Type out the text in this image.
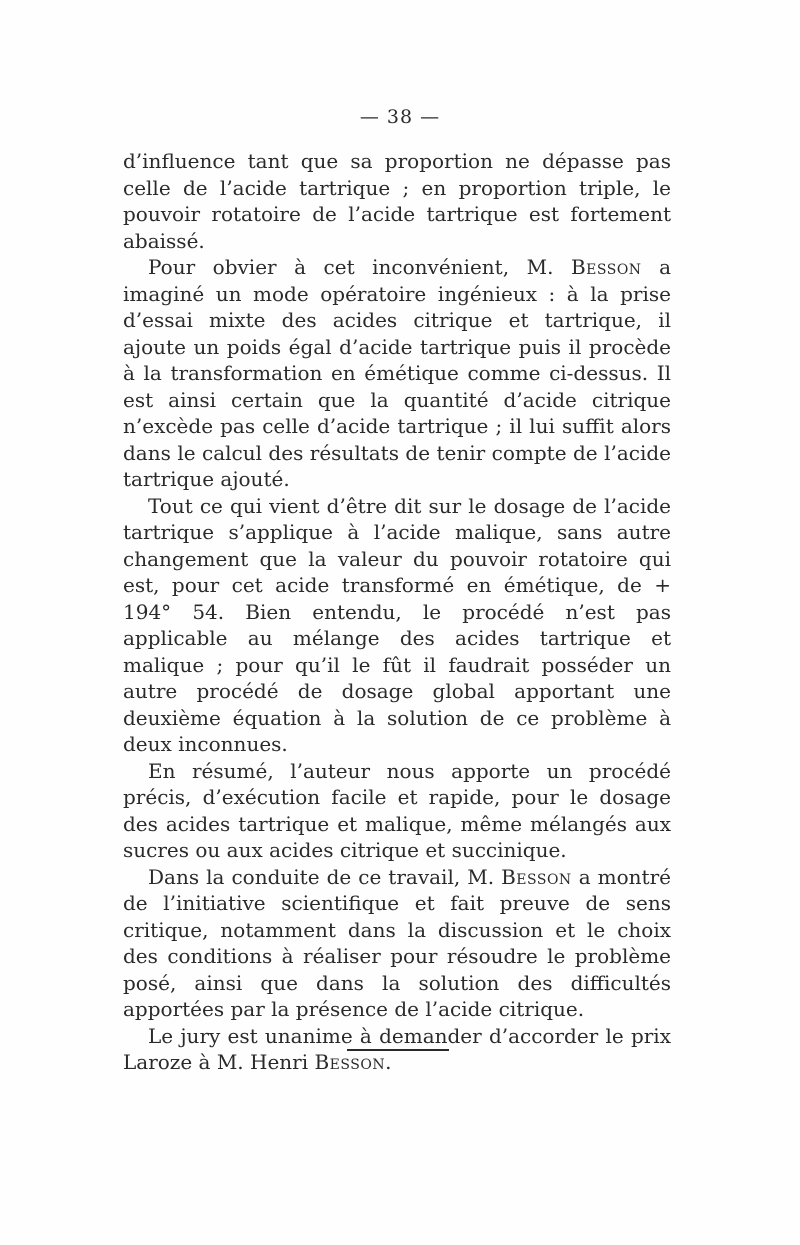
— 38 —

d’influence tant que sa proportion ne dépasse pas celle de l’acide tartrique ; en proportion triple, le pouvoir rotatoire de l’acide tartrique est fortement abaissé.

Pour obvier à cet inconvénient, M. Besson a imaginé un mode opératoire ingénieux : à la prise d’essai mixte des acides citrique et tartrique, il ajoute un poids égal d’acide tartrique puis il procède à la transformation en émétique comme ci-dessus. Il est ainsi certain que la quantité d’acide citrique n’excède pas celle d’acide tartrique ; il lui suffit alors dans le calcul des résultats de tenir compte de l’acide tartrique ajouté.

Tout ce qui vient d’être dit sur le dosage de l’acide tartrique s’applique à l’acide malique, sans autre changement que la valeur du pouvoir rotatoire qui est, pour cet acide transformé en émétique, de + 194° 54. Bien entendu, le procédé n’est pas applicable au mélange des acides tartrique et malique ; pour qu’il le fût il faudrait posséder un autre procédé de dosage global apportant une deuxième équation à la solution de ce problème à deux inconnues.

En résumé, l’auteur nous apporte un procédé précis, d’exécution facile et rapide, pour le dosage des acides tartrique et malique, même mélangés aux sucres ou aux acides citrique et succinique.

Dans la conduite de ce travail, M. Besson a montré de l’initiative scientifique et fait preuve de sens critique, notamment dans la discussion et le choix des conditions à réaliser pour résoudre le problème posé, ainsi que dans la solution des difficultés apportées par la présence de l’acide citrique.

Le jury est unanime à demander d’accorder le prix Laroze à M. Henri Besson.
